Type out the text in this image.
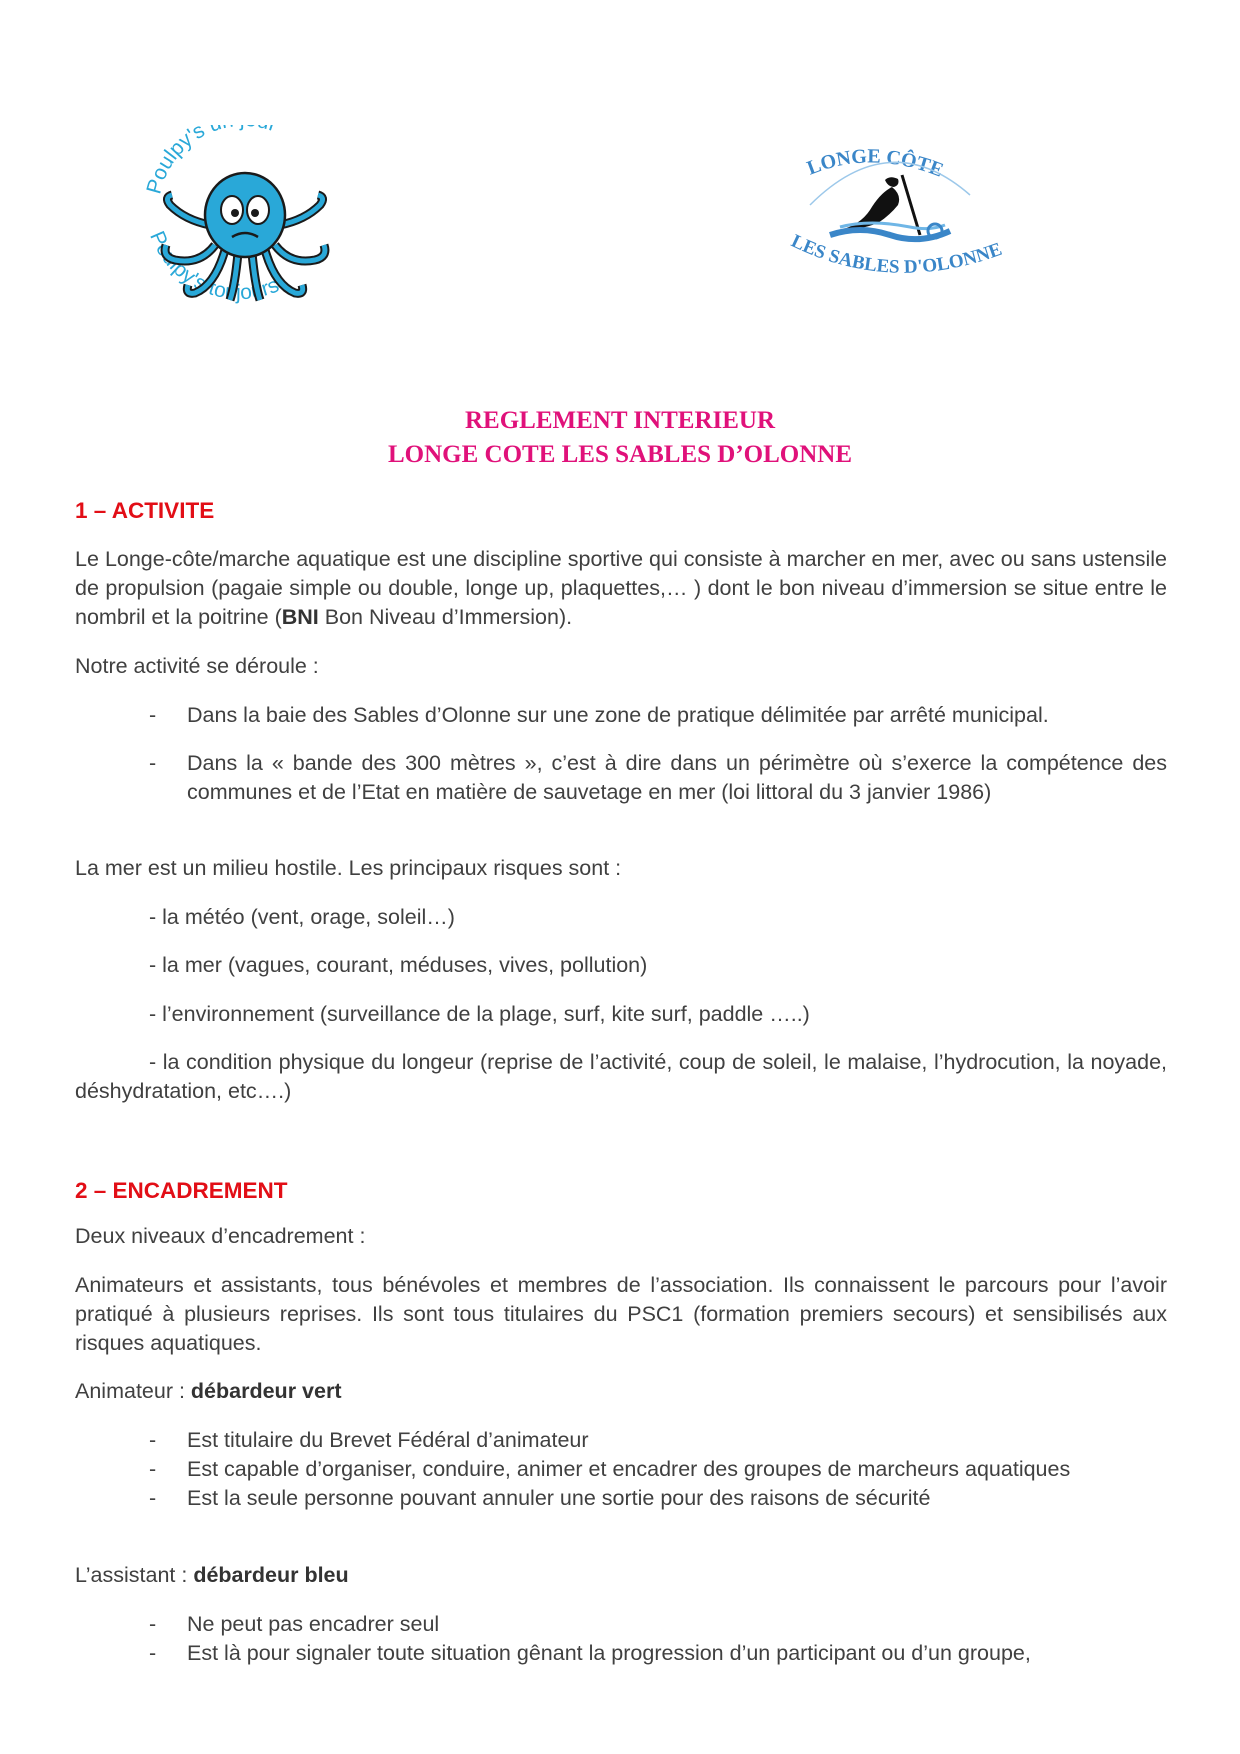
Poulpy's
Poulpy's toujours
LONGE CÔTE
LES SABLES D'OLONNE
REGLEMENT INTERIEUR
LONGE COTE LES SABLES D’OLONNE

1 – ACTIVITE

Le Longe-côte/marche aquatique est une discipline sportive qui consiste à marcher en mer, avec ou sans ustensile de propulsion (pagaie simple ou double, longe up, plaquettes,… ) dont le bon niveau d’immersion se situe entre le nombril et la poitrine (BNI Bon Niveau d’Immersion).

Notre activité se déroule :

- Dans la baie des Sables d’Olonne sur une zone de pratique délimitée par arrêté municipal.

- Dans la « bande des 300 mètres », c’est à dire dans un périmètre où s’exerce la compétence des communes et de l’Etat en matière de sauvetage en mer (loi littoral du 3 janvier 1986)

La mer est un milieu hostile. Les principaux risques sont :

- la météo (vent, orage, soleil…)

- la mer (vagues, courant, méduses, vives, pollution)

- l’environnement (surveillance de la plage, surf, kite surf, paddle …..)

- la condition physique du longeur (reprise de l’activité, coup de soleil, le malaise, l’hydrocution, la noyade, déshydratation, etc….)

2 – ENCADREMENT

Deux niveaux d’encadrement :

Animateurs et assistants, tous bénévoles et membres de l’association. Ils connaissent le parcours pour l’avoir pratiqué à plusieurs reprises. Ils sont tous titulaires du PSC1 (formation premiers secours) et sensibilisés aux risques aquatiques.

Animateur : débardeur vert

- Est titulaire du Brevet Fédéral d’animateur

- Est capable d’organiser, conduire, animer et encadrer des groupes de marcheurs aquatiques

- Est la seule personne pouvant annuler une sortie pour des raisons de sécurité

L’assistant : débardeur bleu

- Ne peut pas encadrer seul

- Est là pour signaler toute situation gênant la progression d’un participant ou d’un groupe,
